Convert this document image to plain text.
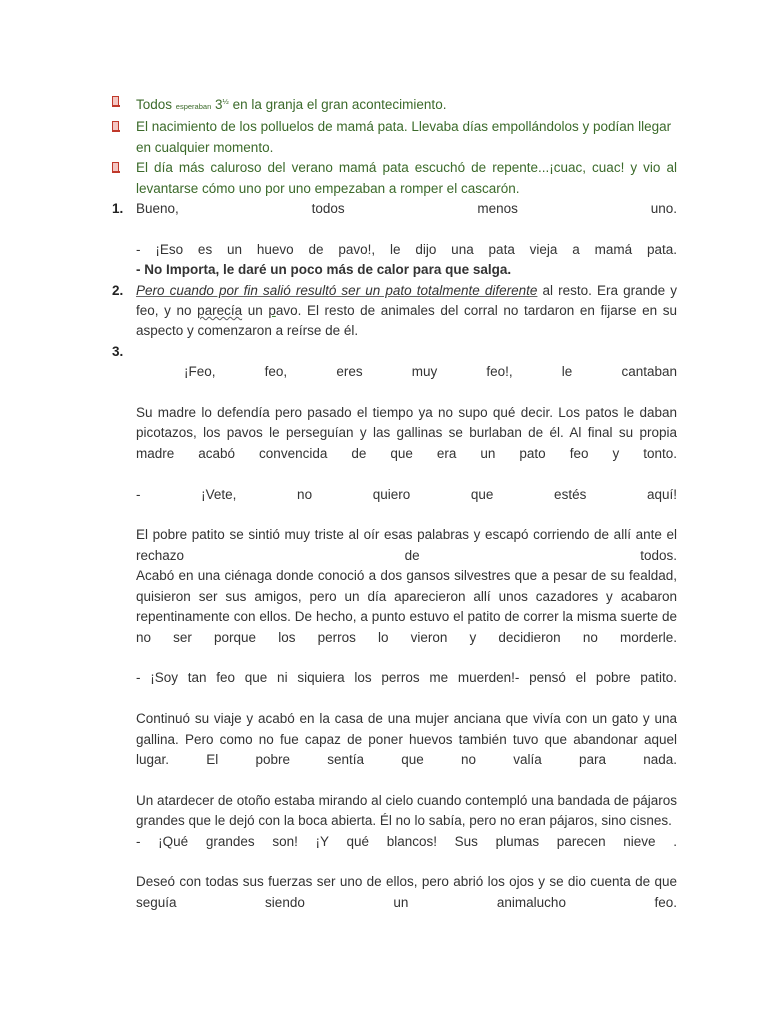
Todos esperaban $3^{\frac{1}{2}}$ en la granja el gran acontecimiento.
El nacimiento de los polluelos de mamá pata. Llevaba días empollándolos y podían llegar en cualquier momento.
El día más caluroso del verano mamá pata escuchó de repente...¡cuac, cuac! y vio al levantarse cómo uno por uno empezaban a romper el cascarón.
1. Bueno, todos menos uno.
- ¡Eso es un huevo de pavo!, le dijo una pata vieja a mamá pata.
- No Importa, le daré un poco más de calor para que salga.
2. Pero cuando por fin salió resultó ser un pato totalmente diferente al resto. Era grande y feo, y no parecía un pavo. El resto de animales del corral no tardaron en fijarse en su aspecto y comenzaron a reírse de él.
3.

¡Feo, feo, eres muy feo!, le cantaban
Su madre lo defendía pero pasado el tiempo ya no supo qué decir. Los patos le daban picotazos, los pavos le perseguían y las gallinas se burlaban de él. Al final su propia madre acabó convencida de que era un pato feo y tonto.
- ¡Vete, no quiero que estés aquí!
El pobre patito se sintió muy triste al oír esas palabras y escapó corriendo de allí ante el rechazo de todos.
Acabó en una ciénaga donde conoció a dos gansos silvestres que a pesar de su fealdad, quisieron ser sus amigos, pero un día aparecieron allí unos cazadores y acabaron repentinamente con ellos. De hecho, a punto estuvo el patito de correr la misma suerte de no ser porque los perros lo vieron y decidieron no morderle.
- ¡Soy tan feo que ni siquiera los perros me muerden!- pensó el pobre patito.
Continuó su viaje y acabó en la casa de una mujer anciana que vivía con un gato y una gallina. Pero como no fue capaz de poner huevos también tuvo que abandonar aquel lugar. El pobre sentía que no valía para nada.
Un atardecer de otoño estaba mirando al cielo cuando contempló una bandada de pájaros grandes que le dejó con la boca abierta. Él no lo sabía, pero no eran pájaros, sino cisnes.
- ¡Qué grandes son! ¡Y qué blancos! Sus plumas parecen nieve .
Deseó con todas sus fuerzas ser uno de ellos, pero abrió los ojos y se dio cuenta de que seguía siendo un animalucho feo.
